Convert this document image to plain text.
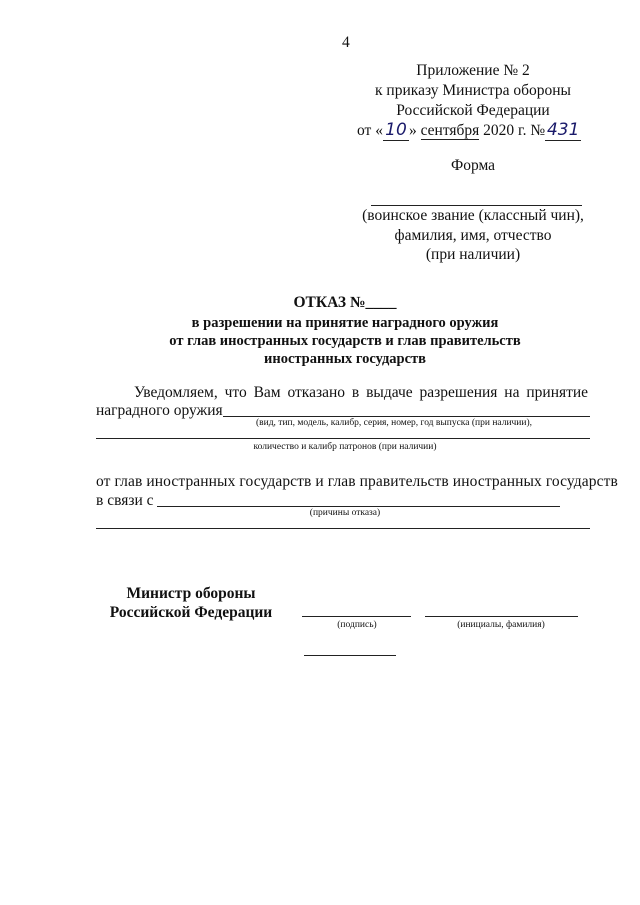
4
Приложение № 2
к приказу Министра обороны
Российской Федерации
от « 10 » сентября 2020 г. № 431
Форма
(воинское звание (классный чин),
фамилия, имя, отчество
(при наличии)
ОТКАЗ №____
в разрешении на принятие наградного оружия
от глав иностранных государств и глав правительств
иностранных государств
Уведомляем, что Вам отказано в выдаче разрешения на принятие
наградного оружия
(вид, тип, модель, калибр, серия, номер, год выпуска (при наличии),
количество и калибр патронов (при наличии)
от глав иностранных государств и глав правительств иностранных государств
в связи с
(причины отказа)
Министр обороны
Российской Федерации
(подпись)	(инициалы, фамилия)
